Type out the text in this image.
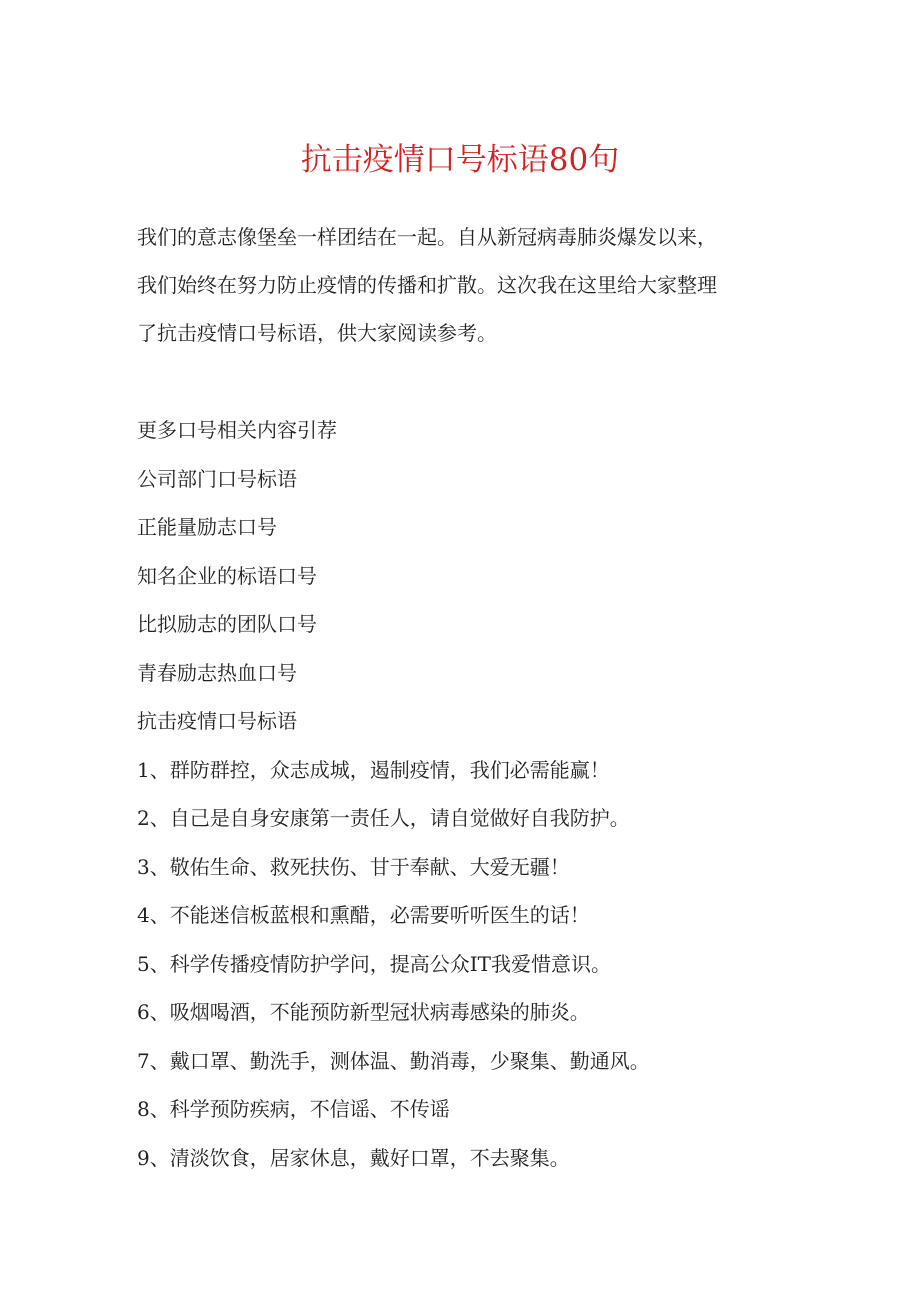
抗击疫情口号标语80句
我们的意志像堡垒一样团结在一起。自从新冠病毒肺炎爆发以来，
我们始终在努力防止疫情的传播和扩散。这次我在这里给大家整理
了抗击疫情口号标语，供大家阅读参考。
更多口号相关内容引荐
公司部门口号标语
正能量励志口号
知名企业的标语口号
比拟励志的团队口号
青春励志热血口号
抗击疫情口号标语
1、群防群控，众志成城，遏制疫情，我们必需能赢！
2、自己是自身安康第一责任人，请自觉做好自我防护。
3、敬佑生命、救死扶伤、甘于奉献、大爱无疆！
4、不能迷信板蓝根和熏醋，必需要听听医生的话！
5、科学传播疫情防护学问，提高公众IT我爱惜意识。
6、吸烟喝酒，不能预防新型冠状病毒感染的肺炎。
7、戴口罩、勤洗手，测体温、勤消毒，少聚集、勤通风。
8、科学预防疾病，不信谣、不传谣
9、清淡饮食，居家休息，戴好口罩，不去聚集。
